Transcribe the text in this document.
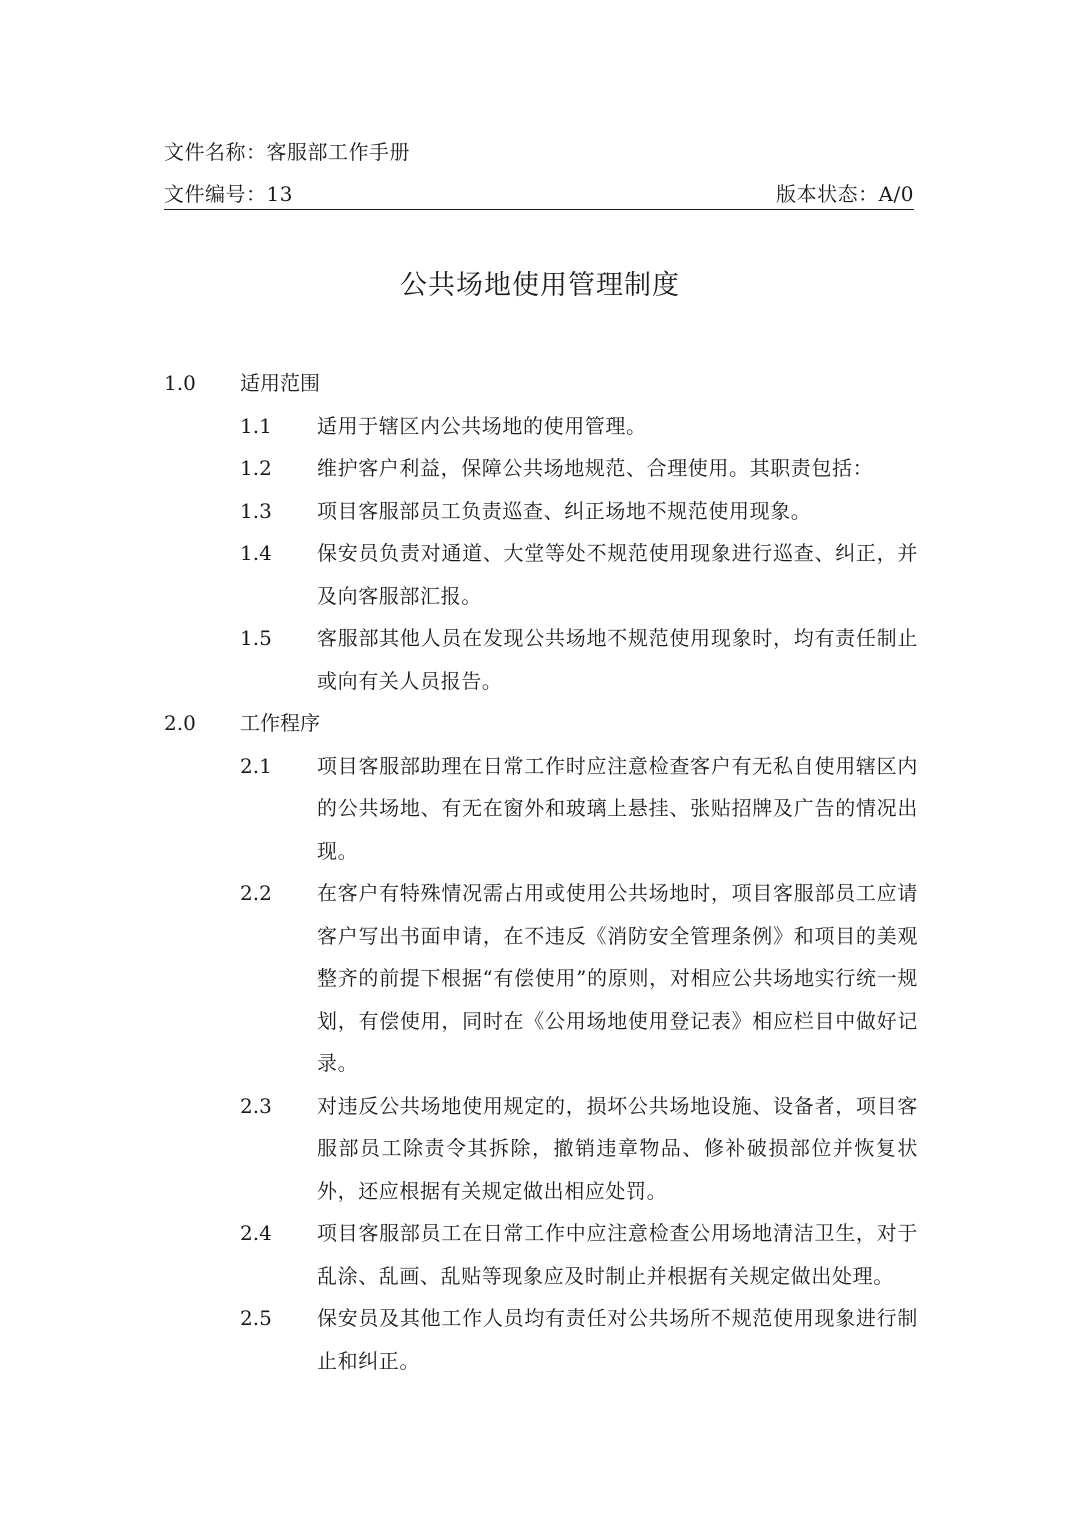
文件名称：客服部工作手册
文件编号：13	版本状态：A/0
公共场地使用管理制度
1.0	适用范围
1.1	适用于辖区内公共场地的使用管理。
1.2	维护客户利益，保障公共场地规范、合理使用。其职责包括：
1.3	项目客服部员工负责巡查、纠正场地不规范使用现象。
1.4	保安员负责对通道、大堂等处不规范使用现象进行巡查、纠正，并及向客服部汇报。
1.5	客服部其他人员在发现公共场地不规范使用现象时，均有责任制止或向有关人员报告。
2.0	工作程序
2.1	项目客服部助理在日常工作时应注意检查客户有无私自使用辖区内的公共场地、有无在窗外和玻璃上悬挂、张贴招牌及广告的情况出现。
2.2	在客户有特殊情况需占用或使用公共场地时，项目客服部员工应请客户写出书面申请，在不违反《消防安全管理条例》和项目的美观整齐的前提下根据“有偿使用”的原则，对相应公共场地实行统一规划，有偿使用，同时在《公用场地使用登记表》相应栏目中做好记录。
2.3	对违反公共场地使用规定的，损坏公共场地设施、设备者，项目客服部员工除责令其拆除，撤销违章物品、修补破损部位并恢复状外，还应根据有关规定做出相应处罚。
2.4	项目客服部员工在日常工作中应注意检查公用场地清洁卫生，对于乱涂、乱画、乱贴等现象应及时制止并根据有关规定做出处理。
2.5	保安员及其他工作人员均有责任对公共场所不规范使用现象进行制止和纠正。
